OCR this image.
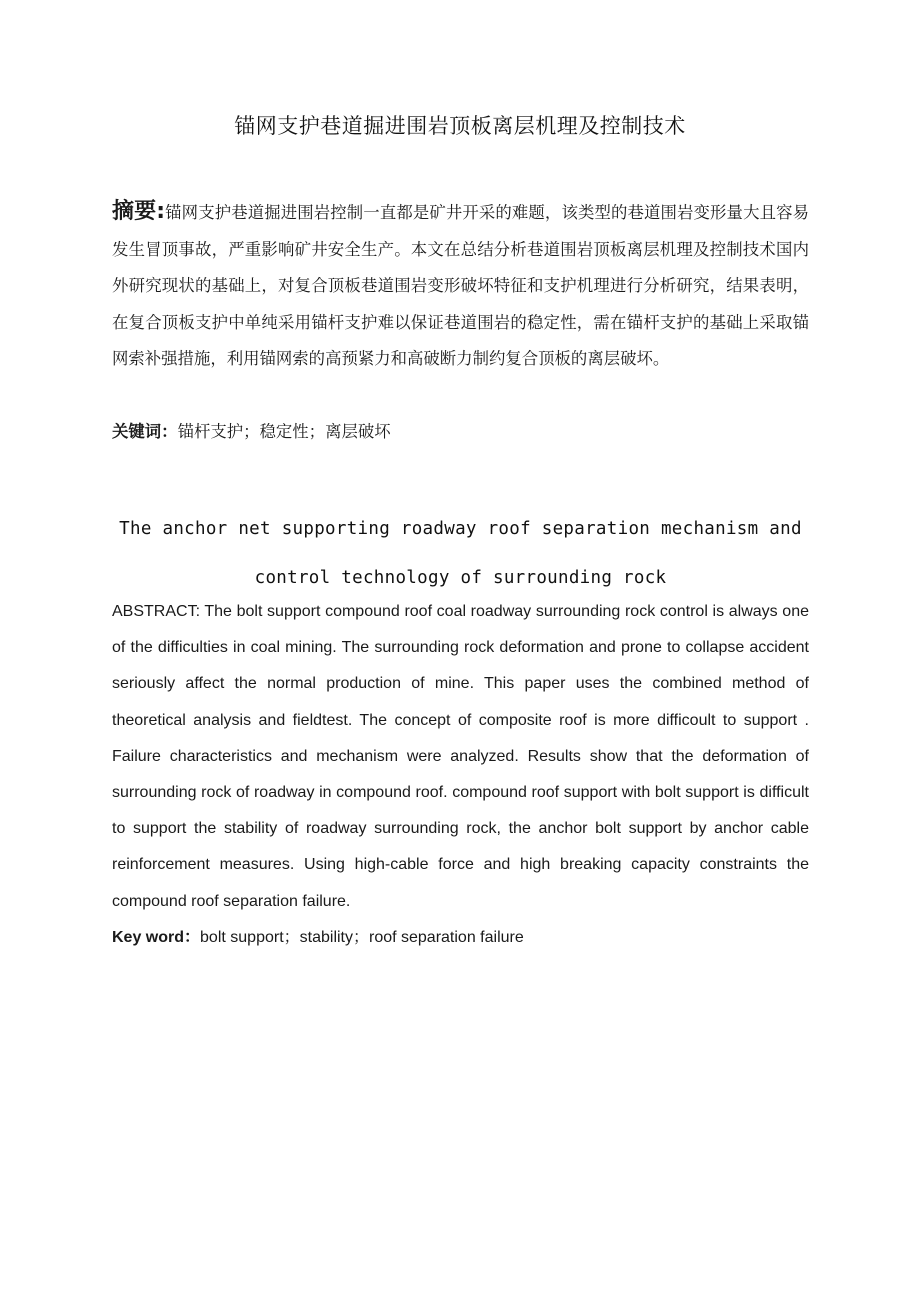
锚网支护巷道掘进围岩顶板离层机理及控制技术
摘要:锚网支护巷道掘进围岩控制一直都是矿井开采的难题，该类型的巷道围岩变形量大且容易发生冒顶事故，严重影响矿井安全生产。本文在总结分析巷道围岩顶板离层机理及控制技术国内外研究现状的基础上，对复合顶板巷道围岩变形破坏特征和支护机理进行分析研究，结果表明，在复合顶板支护中单纯采用锚杆支护难以保证巷道围岩的稳定性，需在锚杆支护的基础上采取锚网索补强措施，利用锚网索的高预紧力和高破断力制约复合顶板的离层破坏。
关键词：锚杆支护；稳定性；离层破坏
The anchor net supporting roadway roof separation mechanism and
control technology of surrounding rock
ABSTRACT: The bolt support compound roof coal roadway surrounding rock control is always one of the difficulties in coal mining. The surrounding rock deformation and prone to collapse accident seriously affect the normal production of mine. This paper uses the combined method of theoretical analysis and fieldtest. The concept of composite roof is more difficoult to support . Failure characteristics and mechanism were analyzed. Results show that the deformation of surrounding rock of roadway in compound roof. compound roof support with bolt support is difficult to support the stability of roadway surrounding rock, the anchor bolt support by anchor cable reinforcement measures. Using high-cable force and high breaking capacity constraints the compound roof separation failure.
Key word：bolt support；stability；roof separation failure
